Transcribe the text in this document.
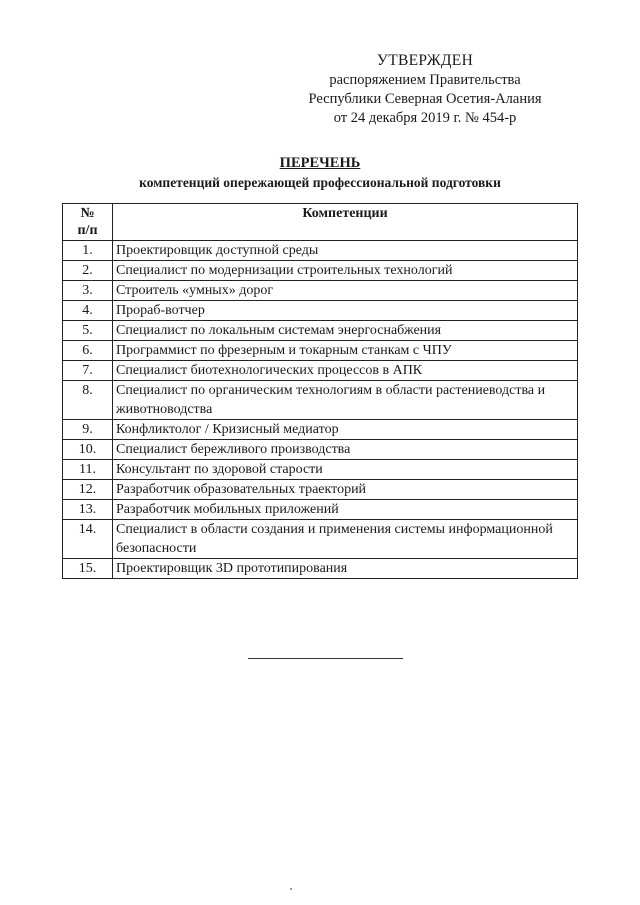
УТВЕРЖДЕН
распоряжением Правительства
Республики Северная Осетия-Алания
от 24 декабря 2019 г. № 454-р
ПЕРЕЧЕНЬ
компетенций опережающей профессиональной подготовки
№
п/п	Компетенции
1.	Проектировщик доступной среды
2.	Специалист по модернизации строительных технологий
3.	Строитель «умных» дорог
4.	Прораб-вотчер
5.	Специалист по локальным системам энергоснабжения
6.	Программист по фрезерным и токарным станкам с ЧПУ
7.	Специалист биотехнологических процессов в АПК
8.	Специалист по органическим технологиям в области растениеводства и животноводства
9.	Конфликтолог / Кризисный медиатор
10.	Специалист бережливого производства
11.	Консультант по здоровой старости
12.	Разработчик образовательных траекторий
13.	Разработчик мобильных приложений
14.	Специалист в области создания и применения системы информационной безопасности
15.	Проектировщик 3D прототипирования
